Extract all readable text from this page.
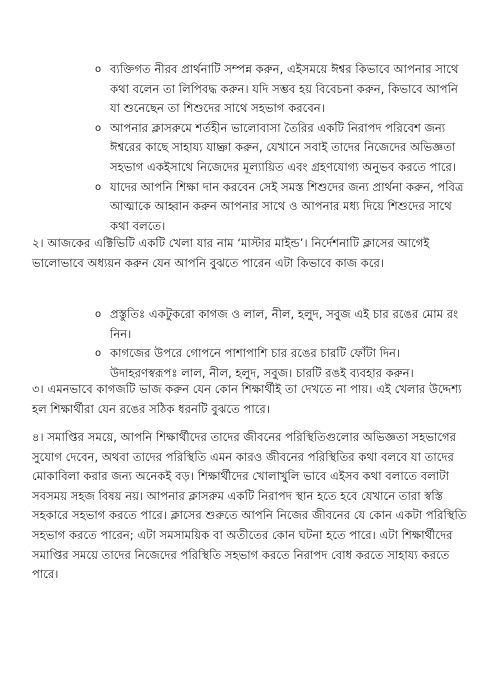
o ব্যক্তিগত নীরব প্রার্থনাটি সম্পন্ন করুন, এইসময়ে ঈশ্বর কিভাবে আপনার সাথে কথা বলেন তা লিপিবদ্ধ করুন। যদি সম্ভব হয় বিবেচনা করুন, কিভাবে আপনি যা শুনেছেন তা শিশুদের সাথে সহভাগ করবেন।
o আপনার ক্লাসরুমে শর্তহীন ভালোবাসা তৈরির একটি নিরাপদ পরিবেশ জন্য ঈশ্বরের কাছে সাহায্য যাচ্ঞা করুন, যেখানে সবাই তাদের নিজেদের অভিজ্ঞতা সহভাগ একইসাথে নিজেদের মূল্যায়িত এবং গ্রহণযোগ্য অনুভব করতে পারে।
o যাদের আপনি শিক্ষা দান করবেন সেই সমস্ত শিশুদের জন্য প্রার্থনা করুন, পবিত্র আত্মাকে আহ্বান করুন আপনার সাথে ও আপনার মধ্য দিয়ে শিশুদের সাথে কথা বলতে।

২। আজকের এক্টিভিটি একটি খেলা যার নাম ‘মাস্টার মাইন্ড’। নির্দেশনাটি ক্লাসের আগেই ভালোভাবে অধ্যয়ন করুন যেন আপনি বুঝতে পারেন এটা কিভাবে কাজ করে।

o প্রস্তুতিঃ একটুকরো কাগজ ও লাল, নীল, হলুদ, সবুজ এই চার রঙের মোম রং নিন।
o কাগজের উপরে গোপনে পাশাপাশি চার রঙের চারটি ফোঁটা দিন। উদাহরণস্বরূপঃ লাল, নীল, হলুদ, সবুজ। চারটি রঙই ব্যবহার করুন।

৩। এমনভাবে কাগজটি ভাজ করুন যেন কোন শিক্ষার্থীই তা দেখতে না পায়। এই খেলার উদ্দেশ্য হল শিক্ষার্থীরা যেন রঙের সঠিক ধরনটি বুঝতে পারে।

৪। সমাপ্তির সময়ে, আপনি শিক্ষার্থীদের তাদের জীবনের পরিস্থিতিগুলোর অভিজ্ঞতা সহভাগের সুযোগ দেবেন, অথবা তাদের পরিস্থিতি এমন কারও জীবনের পরিস্থিতির কথা বলবে যা তাদের মোকাবিলা করার জন্য অনেকই বড়। শিক্ষার্থীদের খোলাখুলি ভাবে এইসব কথা বলাতে বলাটা সবসময় সহজ বিষয় নয়। আপনার ক্লাসরুম একটি নিরাপদ স্থান হতে হবে যেখানে তারা স্বস্তি সহকারে সহভাগ করতে পারে। ক্লাসের শুরুতে আপনি নিজের জীবনের যে কোন একটা পরিস্থিতি সহভাগ করতে পারেন; এটা সমসাময়িক বা অতীতের কোন ঘটনা হতে পারে। এটা শিক্ষার্থীদের সমাপ্তির সময়ে তাদের নিজেদের পরিস্থিতি সহভাগ করতে নিরাপদ বোধ করতে সাহায্য করতে পারে।
